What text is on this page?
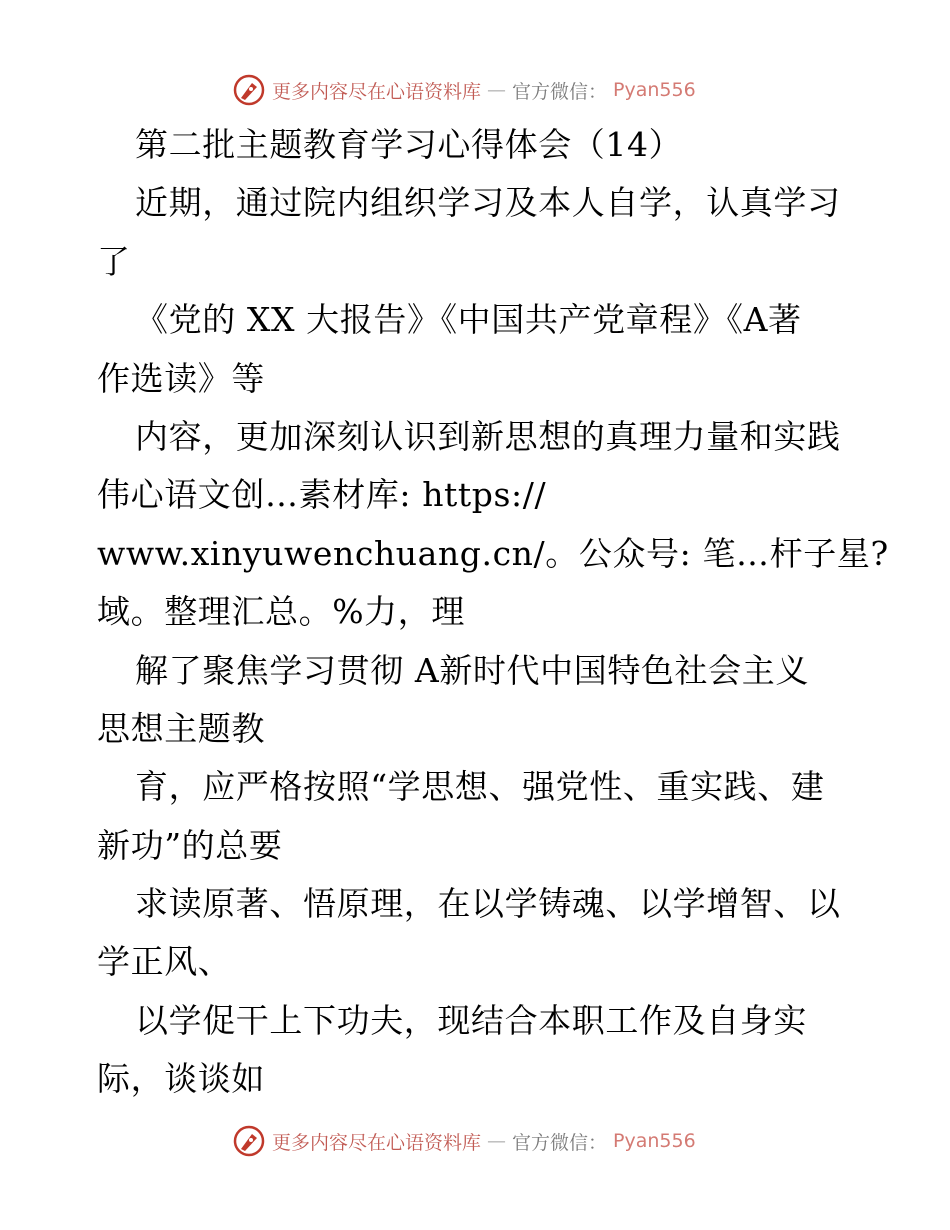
更多内容尽在心语资料库 — 官方微信： Pyan556
第二批主题教育学习心得体会（14）
近期，通过院内组织学习及本人自学，认真学习
了
《党的 XX 大报告》《中国共产党章程》《A著
作选读》等
内容，更加深刻认识到新思想的真理力量和实践
伟心语文创…素材库: https://
www.xinyuwenchuang.cn/。公众号: 笔…杆子星?
域。整理汇总。%力，理
解了聚焦学习贯彻 A新时代中国特色社会主义
思想主题教
育，应严格按照“学思想、强党性、重实践、建
新功”的总要
求读原著、悟原理，在以学铸魂、以学增智、以
学正风、
以学促干上下功夫，现结合本职工作及自身实
际，谈谈如
更多内容尽在心语资料库 — 官方微信： Pyan556
